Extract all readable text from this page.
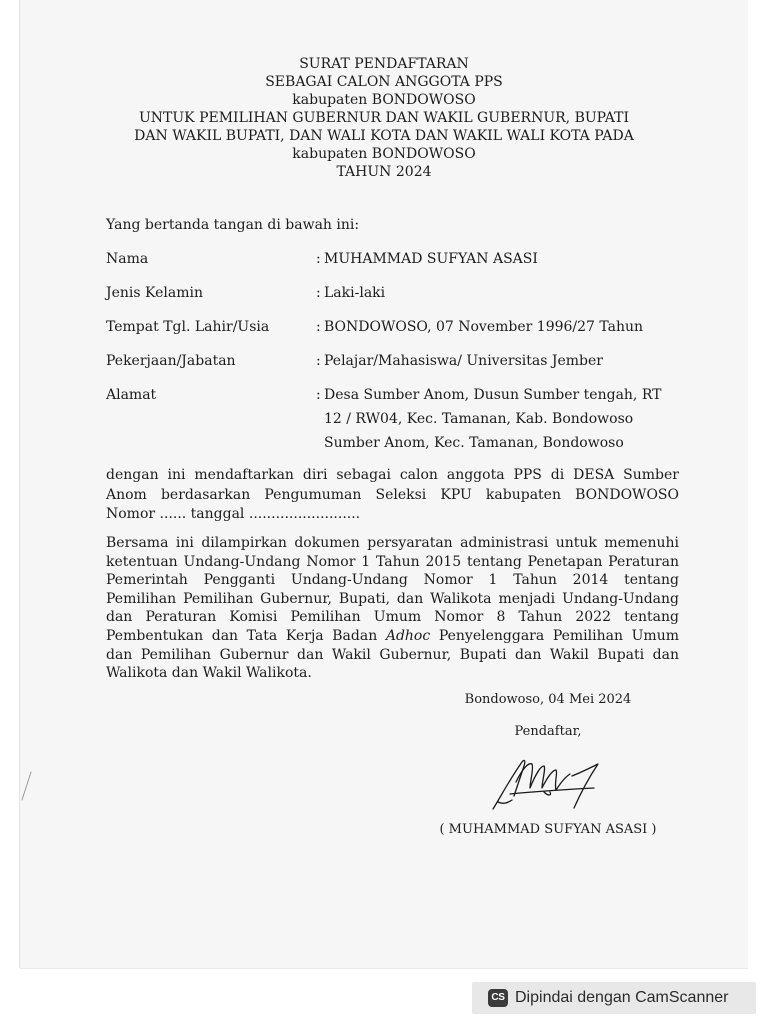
SURAT PENDAFTARAN
SEBAGAI CALON ANGGOTA PPS
kabupaten BONDOWOSO
UNTUK PEMILIHAN GUBERNUR DAN WAKIL GUBERNUR, BUPATI
DAN WAKIL BUPATI, DAN WALI KOTA DAN WAKIL WALI KOTA PADA
kabupaten BONDOWOSO
TAHUN 2024
Yang bertanda tangan di bawah ini:
Nama	: MUHAMMAD SUFYAN ASASI
Jenis Kelamin	: Laki-laki
Tempat Tgl. Lahir/Usia	: BONDOWOSO, 07 November 1996/27 Tahun
Pekerjaan/Jabatan	: Pelajar/Mahasiswa/ Universitas Jember
Alamat	: Desa Sumber Anom, Dusun Sumber tengah, RT
12 / RW04, Kec. Tamanan, Kab. Bondowoso
Sumber Anom, Kec. Tamanan, Bondowoso
dengan ini mendaftarkan diri sebagai calon anggota PPS di DESA Sumber
Anom berdasarkan Pengumuman Seleksi KPU kabupaten BONDOWOSO
Nomor ...... tanggal .........................
Bersama ini dilampirkan dokumen persyaratan administrasi untuk memenuhi
ketentuan Undang-Undang Nomor 1 Tahun 2015 tentang Penetapan Peraturan
Pemerintah Pengganti Undang-Undang Nomor 1 Tahun 2014 tentang
Pemilihan Pemilihan Gubernur, Bupati, dan Walikota menjadi Undang-Undang
dan Peraturan Komisi Pemilihan Umum Nomor 8 Tahun 2022 tentang
Pembentukan dan Tata Kerja Badan Adhoc Penyelenggara Pemilihan Umum
dan Pemilihan Gubernur dan Wakil Gubernur, Bupati dan Wakil Bupati dan
Walikota dan Wakil Walikota.
Bondowoso, 04 Mei 2024
Pendaftar,
( MUHAMMAD SUFYAN ASASI )
CS Dipindai dengan CamScanner
